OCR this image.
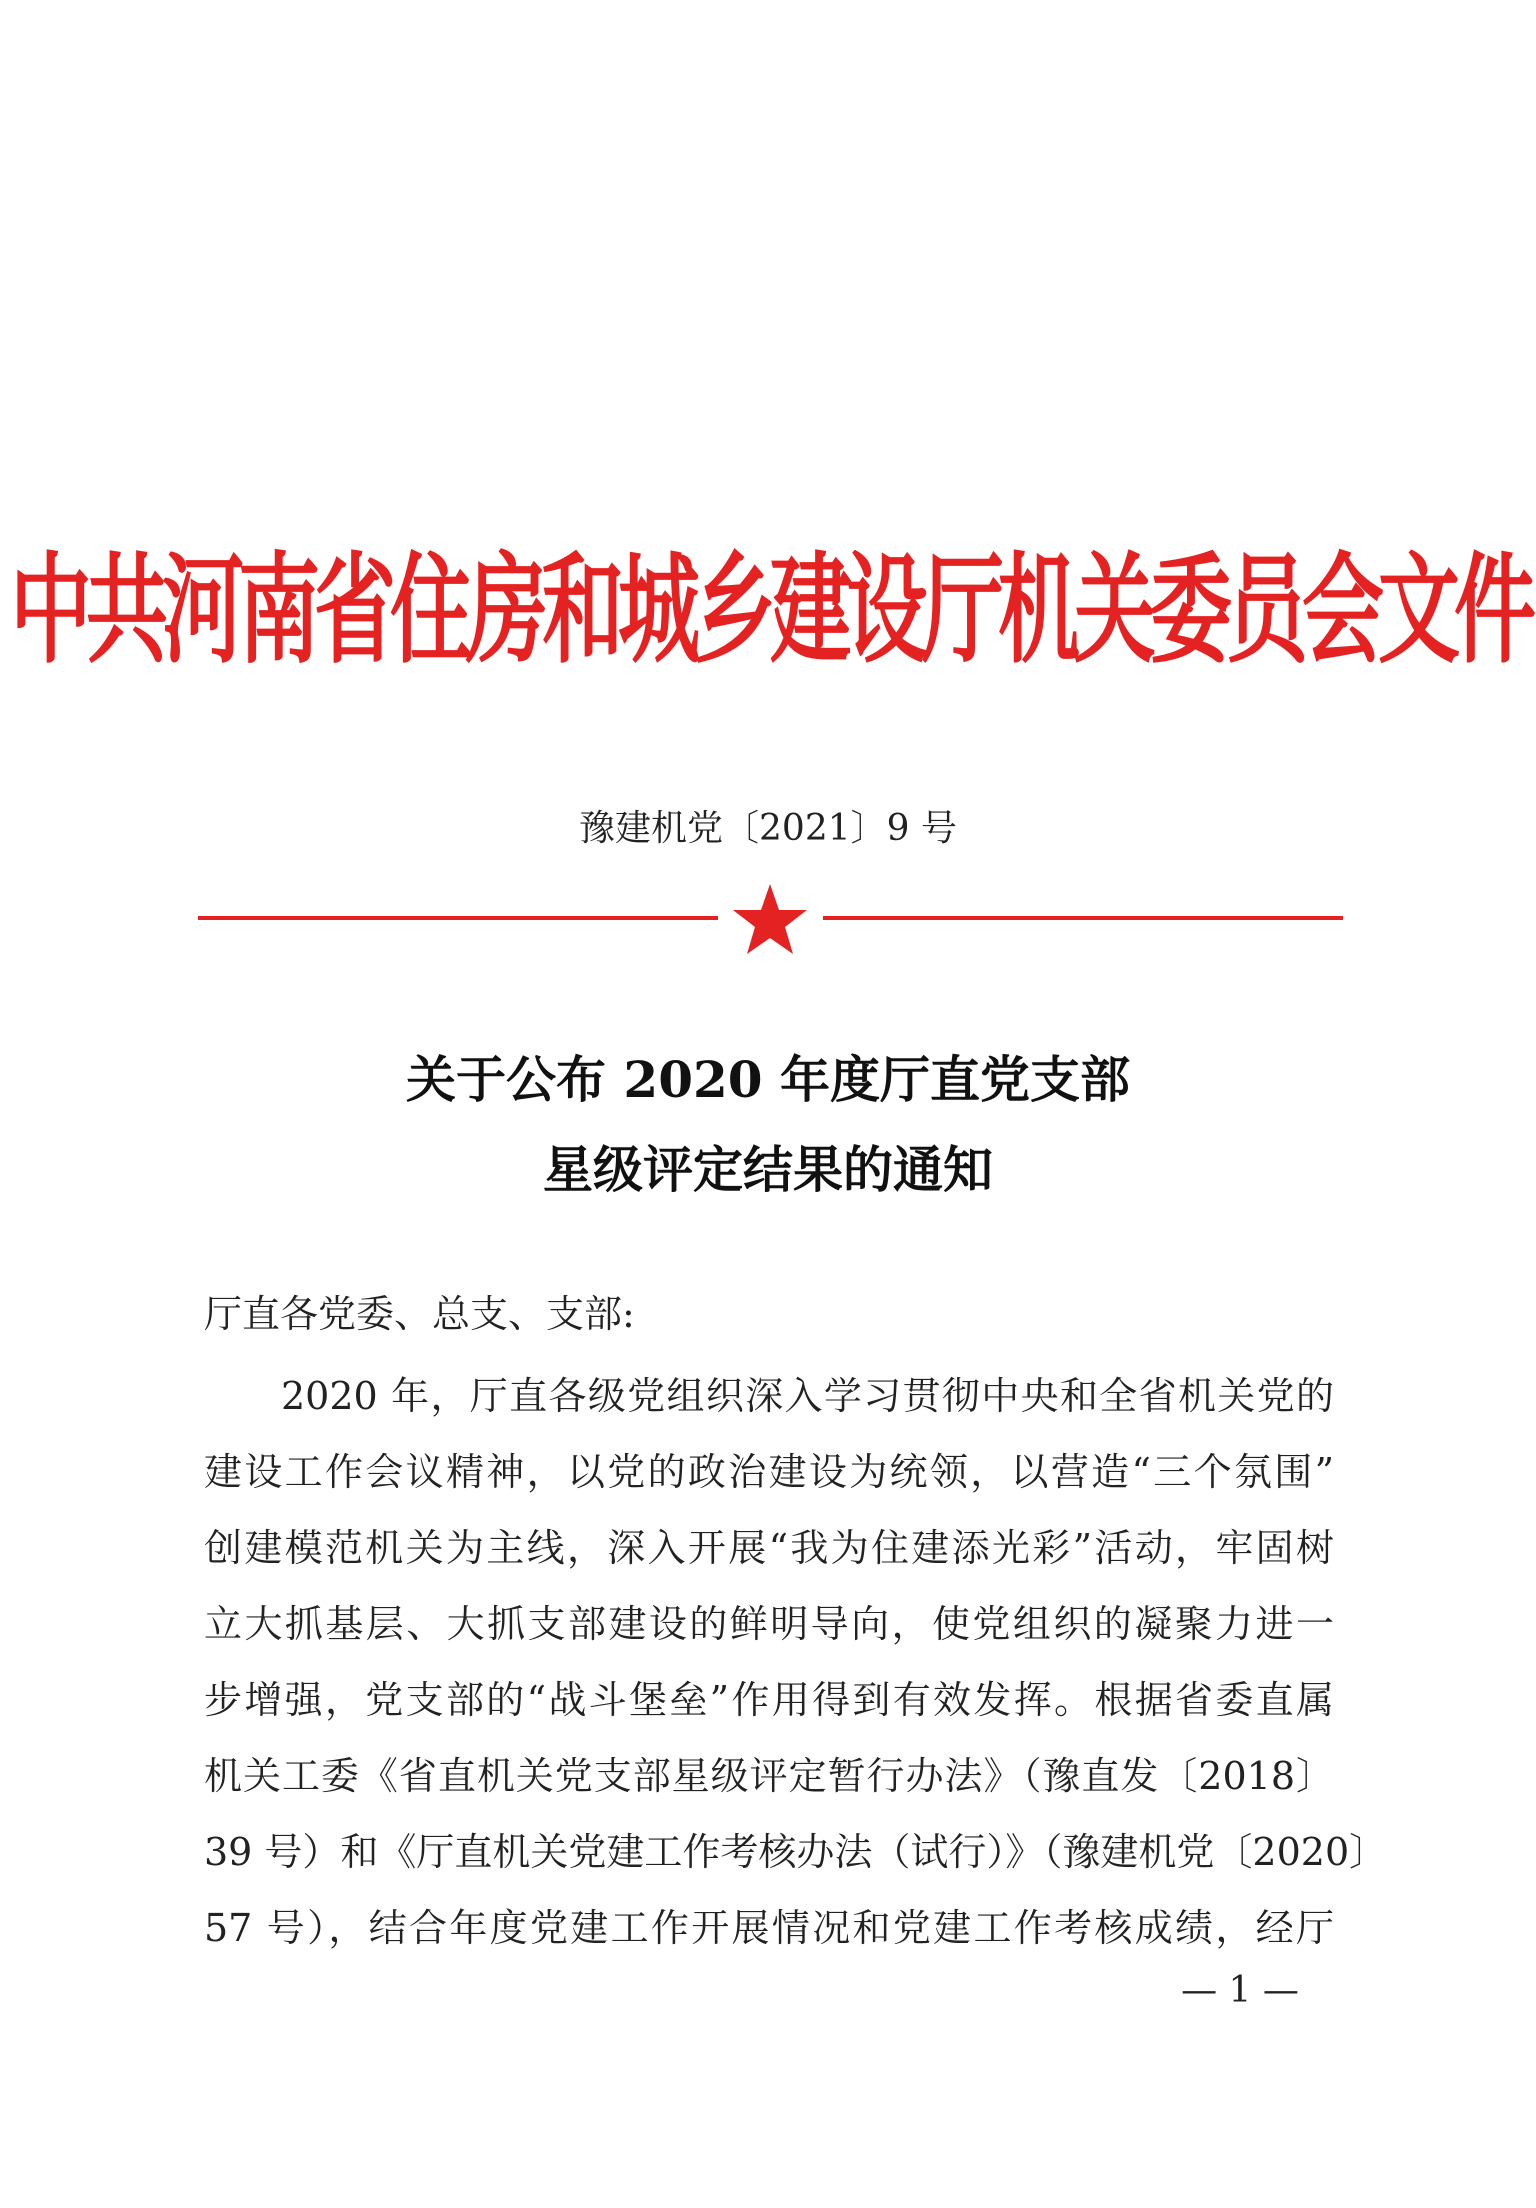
中共河南省住房和城乡建设厅机关委员会文件
豫建机党〔2021〕9 号
关于公布 2020 年度厅直党支部
星级评定结果的通知
厅直各党委、总支、支部:
2020 年，厅直各级党组织深入学习贯彻中央和全省机关党的
建设工作会议精神，以党的政治建设为统领，以营造“三个氛围”
创建模范机关为主线，深入开展“我为住建添光彩”活动，牢固树
立大抓基层、大抓支部建设的鲜明导向，使党组织的凝聚力进一
步增强，党支部的“战斗堡垒”作用得到有效发挥。根据省委直属
机关工委《省直机关党支部星级评定暂行办法》（豫直发〔2018〕
39 号）和《厅直机关党建工作考核办法（试行）》（豫建机党〔2020〕
57 号），结合年度党建工作开展情况和党建工作考核成绩，经厅
— 1 —
